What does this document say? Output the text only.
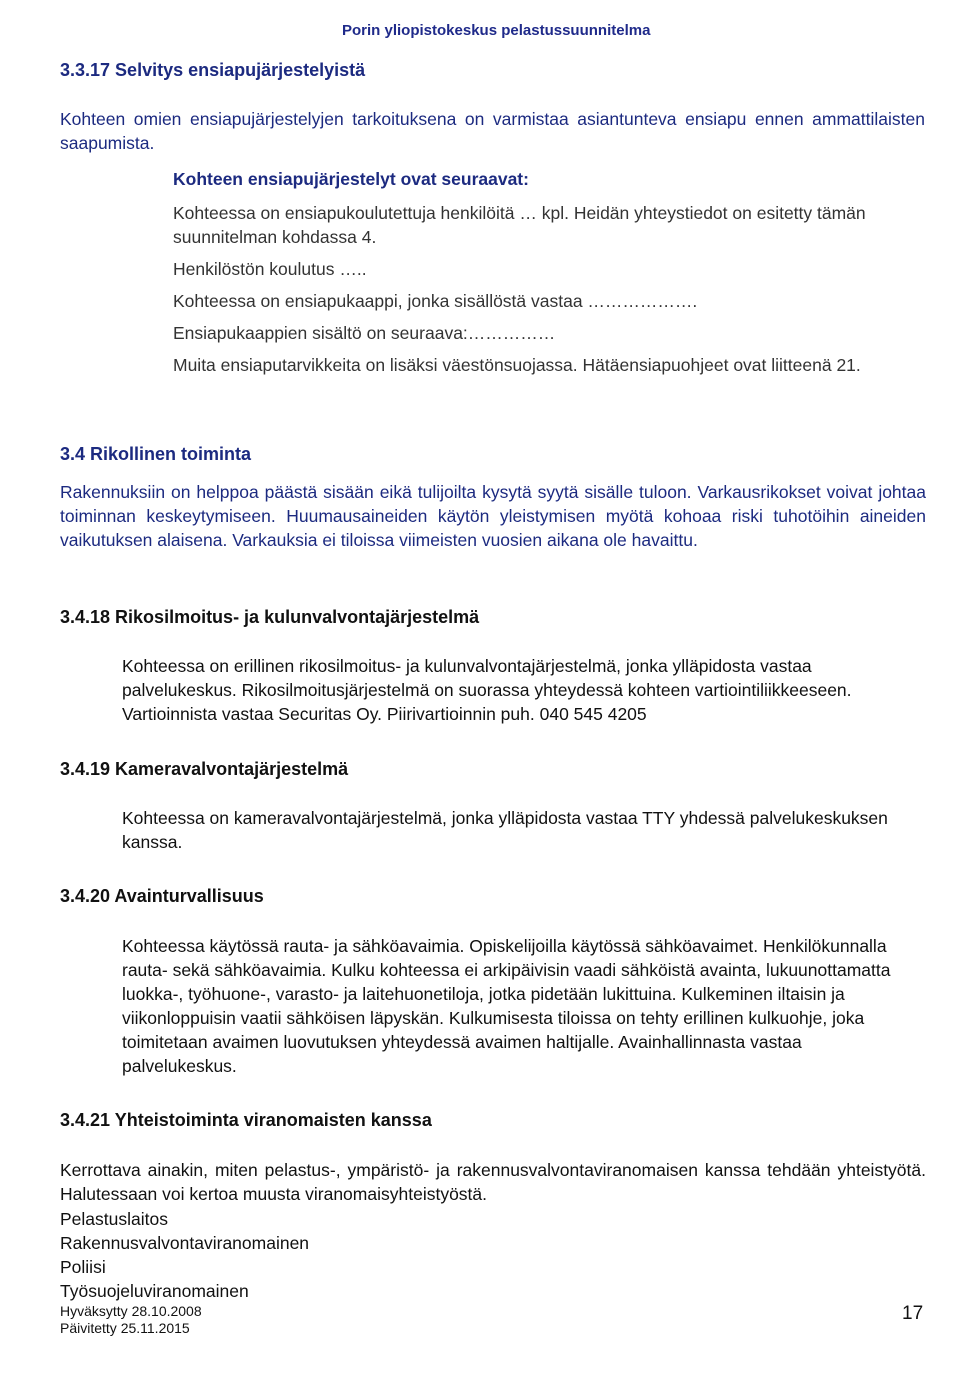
Porin yliopistokeskus pelastussuunnitelma
3.3.17 Selvitys ensiapujärjestelyistä
Kohteen omien ensiapujärjestelyjen tarkoituksena on varmistaa asiantunteva ensiapu ennen ammattilaisten saapumista.
Kohteen ensiapujärjestelyt ovat seuraavat:
Kohteessa on ensiapukoulutettuja henkilöitä … kpl. Heidän yhteystiedot on esitetty tämän suunnitelman kohdassa 4.
Henkilöstön koulutus …..
Kohteessa on ensiapukaappi, jonka sisällöstä vastaa ……………….
Ensiapukaappien sisältö on seuraava:……………
Muita ensiaputarvikkeita on lisäksi väestönsuojassa. Hätäensiapuohjeet ovat liitteenä 21.
3.4 Rikollinen toiminta
Rakennuksiin on helppoa päästä sisään eikä tulijoilta kysytä syytä sisälle tuloon. Varkausrikokset voivat johtaa toiminnan keskeytymiseen. Huumausaineiden käytön yleistymisen myötä kohoaa riski tuhotöihin aineiden vaikutuksen alaisena. Varkauksia ei tiloissa viimeisten vuosien aikana ole havaittu.
3.4.18 Rikosilmoitus- ja kulunvalvontajärjestelmä
Kohteessa on erillinen rikosilmoitus- ja kulunvalvontajärjestelmä, jonka ylläpidosta vastaa palvelukeskus. Rikosilmoitusjärjestelmä on suorassa yhteydessä kohteen vartiointiliikkeeseen. Vartioinnista vastaa Securitas Oy. Piirivartioinnin puh. 040 545 4205
3.4.19 Kameravalvontajärjestelmä
Kohteessa on kameravalvontajärjestelmä, jonka ylläpidosta vastaa TTY yhdessä palvelukeskuksen kanssa.
3.4.20 Avainturvallisuus
Kohteessa käytössä rauta- ja sähköavaimia. Opiskelijoilla käytössä sähköavaimet. Henkilökunnalla rauta- sekä sähköavaimia. Kulku kohteessa ei arkipäivisin vaadi sähköistä avainta, lukuunottamatta luokka-, työhuone-, varasto- ja laitehuonetiloja, jotka pidetään lukittuina. Kulkeminen iltaisin ja viikonloppuisin vaatii sähköisen läpyskän. Kulkumisesta tiloissa on tehty erillinen kulkuohje, joka toimitetaan avaimen luovutuksen yhteydessä avaimen haltijalle. Avainhallinnasta vastaa palvelukeskus.
3.4.21 Yhteistoiminta viranomaisten kanssa
Kerrottava ainakin, miten pelastus-, ympäristö- ja rakennusvalvontaviranomaisen kanssa tehdään yhteistyötä. Halutessaan voi kertoa muusta viranomaisyhteistyöstä.
Pelastuslaitos
Rakennusvalvontaviranomainen
Poliisi
Työsuojeluviranomainen
Hyväksytty 28.10.2008
Päivitetty 25.11.2015
17
